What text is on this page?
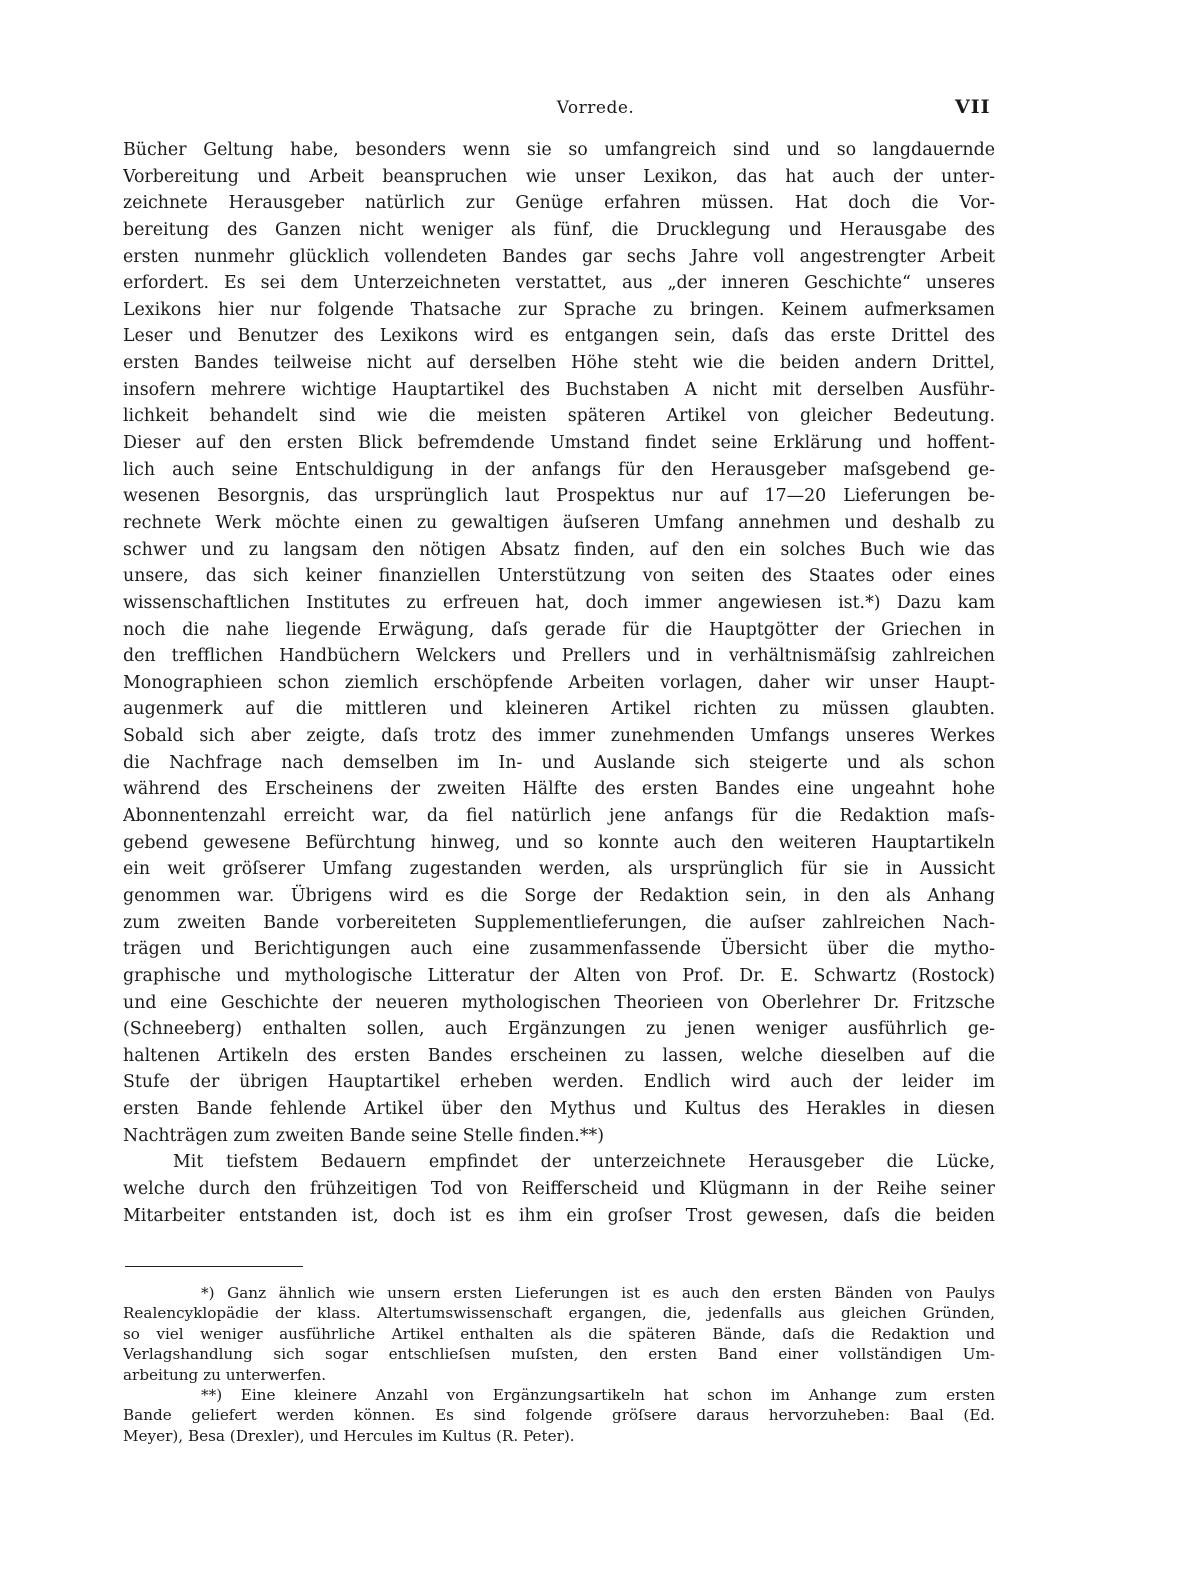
Vorrede.	VII
Bücher Geltung habe, besonders wenn sie so umfangreich sind und so langdauernde
Vorbereitung und Arbeit beanspruchen wie unser Lexikon, das hat auch der unter-
zeichnete Herausgeber natürlich zur Genüge erfahren müssen. Hat doch die Vor-
bereitung des Ganzen nicht weniger als fünf, die Drucklegung und Herausgabe des
ersten nunmehr glücklich vollendeten Bandes gar sechs Jahre voll angestrengter Arbeit
erfordert. Es sei dem Unterzeichneten verstattet, aus „der inneren Geschichte“ unseres
Lexikons hier nur folgende Thatsache zur Sprache zu bringen. Keinem aufmerksamen
Leser und Benutzer des Lexikons wird es entgangen sein, daſs das erste Drittel des
ersten Bandes teilweise nicht auf derselben Höhe steht wie die beiden andern Drittel,
insofern mehrere wichtige Hauptartikel des Buchstaben A nicht mit derselben Ausführ-
lichkeit behandelt sind wie die meisten späteren Artikel von gleicher Bedeutung.
Dieser auf den ersten Blick befremdende Umstand findet seine Erklärung und hoffent-
lich auch seine Entschuldigung in der anfangs für den Herausgeber maſsgebend ge-
wesenen Besorgnis, das ursprünglich laut Prospektus nur auf 17—20 Lieferungen be-
rechnete Werk möchte einen zu gewaltigen äuſseren Umfang annehmen und deshalb zu
schwer und zu langsam den nötigen Absatz finden, auf den ein solches Buch wie das
unsere, das sich keiner finanziellen Unterstützung von seiten des Staates oder eines
wissenschaftlichen Institutes zu erfreuen hat, doch immer angewiesen ist.*) Dazu kam
noch die nahe liegende Erwägung, daſs gerade für die Hauptgötter der Griechen in
den trefflichen Handbüchern Welckers und Prellers und in verhältnismäſsig zahlreichen
Monographieen schon ziemlich erschöpfende Arbeiten vorlagen, daher wir unser Haupt-
augenmerk auf die mittleren und kleineren Artikel richten zu müssen glaubten.
Sobald sich aber zeigte, daſs trotz des immer zunehmenden Umfangs unseres Werkes
die Nachfrage nach demselben im In- und Auslande sich steigerte und als schon
während des Erscheinens der zweiten Hälfte des ersten Bandes eine ungeahnt hohe
Abonnentenzahl erreicht war, da fiel natürlich jene anfangs für die Redaktion maſs-
gebend gewesene Befürchtung hinweg, und so konnte auch den weiteren Hauptartikeln
ein weit gröſserer Umfang zugestanden werden, als ursprünglich für sie in Aussicht
genommen war. Übrigens wird es die Sorge der Redaktion sein, in den als Anhang
zum zweiten Bande vorbereiteten Supplementlieferungen, die auſser zahlreichen Nach-
trägen und Berichtigungen auch eine zusammenfassende Übersicht über die mytho-
graphische und mythologische Litteratur der Alten von Prof. Dr. E. Schwartz (Rostock)
und eine Geschichte der neueren mythologischen Theorieen von Oberlehrer Dr. Fritzsche
(Schneeberg) enthalten sollen, auch Ergänzungen zu jenen weniger ausführlich ge-
haltenen Artikeln des ersten Bandes erscheinen zu lassen, welche dieselben auf die
Stufe der übrigen Hauptartikel erheben werden. Endlich wird auch der leider im
ersten Bande fehlende Artikel über den Mythus und Kultus des Herakles in diesen
Nachträgen zum zweiten Bande seine Stelle finden.**)
Mit tiefstem Bedauern empfindet der unterzeichnete Herausgeber die Lücke,
welche durch den frühzeitigen Tod von Reifferscheid und Klügmann in der Reihe seiner
Mitarbeiter entstanden ist, doch ist es ihm ein groſser Trost gewesen, daſs die beiden
*) Ganz ähnlich wie unsern ersten Lieferungen ist es auch den ersten Bänden von Paulys
Realencyklopädie der klass. Altertumswissenschaft ergangen, die, jedenfalls aus gleichen Gründen,
so viel weniger ausführliche Artikel enthalten als die späteren Bände, daſs die Redaktion und
Verlagshandlung sich sogar entschlieſsen muſsten, den ersten Band einer vollständigen Um-
arbeitung zu unterwerfen.
**) Eine kleinere Anzahl von Ergänzungsartikeln hat schon im Anhange zum ersten
Bande geliefert werden können. Es sind folgende gröſsere daraus hervorzuheben: Baal (Ed.
Meyer), Besa (Drexler), und Hercules im Kultus (R. Peter).
